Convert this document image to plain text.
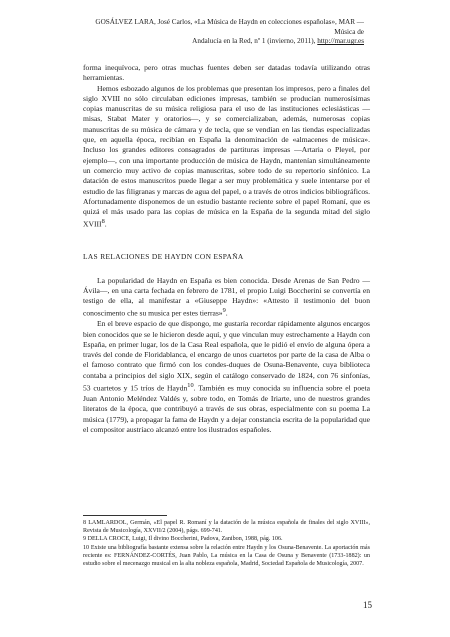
GOSÁLVEZ LARA, José Carlos, «La Música de Haydn en colecciones españolas», MAR — Música de
Andalucía en la Red, nº 1 (invierno, 2011), http://mar.ugr.es

forma inequívoca, pero otras muchas fuentes deben ser datadas todavía utilizando otras herramientas.

Hemos esbozado algunos de los problemas que presentan los impresos, pero a finales del siglo XVIII no sólo circulaban ediciones impresas, también se producían numerosísimas copias manuscritas de su música religiosa para el uso de las instituciones eclesiásticas —misas, Stabat Mater y oratorios—, y se comercializaban, además, numerosas copias manuscritas de su música de cámara y de tecla, que se vendían en las tiendas especializadas que, en aquella época, recibían en España la denominación de «almacenes de música». Incluso los grandes editores consagrados de partituras impresas —Artaria o Pleyel, por ejemplo—, con una importante producción de música de Haydn, mantenían simultáneamente un comercio muy activo de copias manuscritas, sobre todo de su repertorio sinfónico. La datación de estos manuscritos puede llegar a ser muy problemática y suele intentarse por el estudio de las filigranas y marcas de agua del papel, o a través de otros indicios bibliográficos. Afortunadamente disponemos de un estudio bastante reciente sobre el papel Romaní, que es quizá el más usado para las copias de música en la España de la segunda mitad del siglo XVIII$^8$.

LAS RELACIONES DE HAYDN CON ESPAÑA

La popularidad de Haydn en España es bien conocida. Desde Arenas de San Pedro —Ávila—, en una carta fechada en febrero de 1781, el propio Luigi Boccherini se convertía en testigo de ella, al manifestar a «Giuseppe Haydn»: «Attesto il testimonio del buon conoscimento che su musica per estes tierras»$^9$.

En el breve espacio de que dispongo, me gustaría recordar rápidamente algunos encargos bien conocidos que se le hicieron desde aquí, y que vinculan muy estrechamente a Haydn con España, en primer lugar, los de la Casa Real española, que le pidió el envío de alguna ópera a través del conde de Floridablanca, el encargo de unos cuartetos por parte de la casa de Alba o el famoso contrato que firmó con los condes-duques de Osuna-Benavente, cuya biblioteca contaba a principios del siglo XIX, según el catálogo conservado de 1824, con 76 sinfonías, 53 cuartetos y 15 tríos de Haydn$^{10}$. También es muy conocida su influencia sobre el poeta Juan Antonio Meléndez Valdés y, sobre todo, en Tomás de Iriarte, uno de nuestros grandes literatos de la época, que contribuyó a través de sus obras, especialmente con su poema La música (1779), a propagar la fama de Haydn y a dejar constancia escrita de la popularidad que el compositor austríaco alcanzó entre los ilustrados españoles.

8 LAMLARDOL, Germán, «El papel R. Romaní y la datación de la música española de finales del siglo XVIII», Revista de Musicología, XXVII/2 (2004), págs. 699-741.

9 DELLA CROCE, Luigi, Il divino Boccherini, Padova, Zanibon, 1988, pág. 106.

10 Existe una bibliografía bastante extensa sobre la relación entre Haydn y los Osuna-Benavente. La aportación más reciente es: FERNÁNDEZ-CORTÉS, Juan Pablo, La música en la Casa de Osuna y Benavente (1733-1882): un estudio sobre el mecenazgo musical en la alta nobleza española, Madrid, Sociedad Española de Musicología, 2007.

15
